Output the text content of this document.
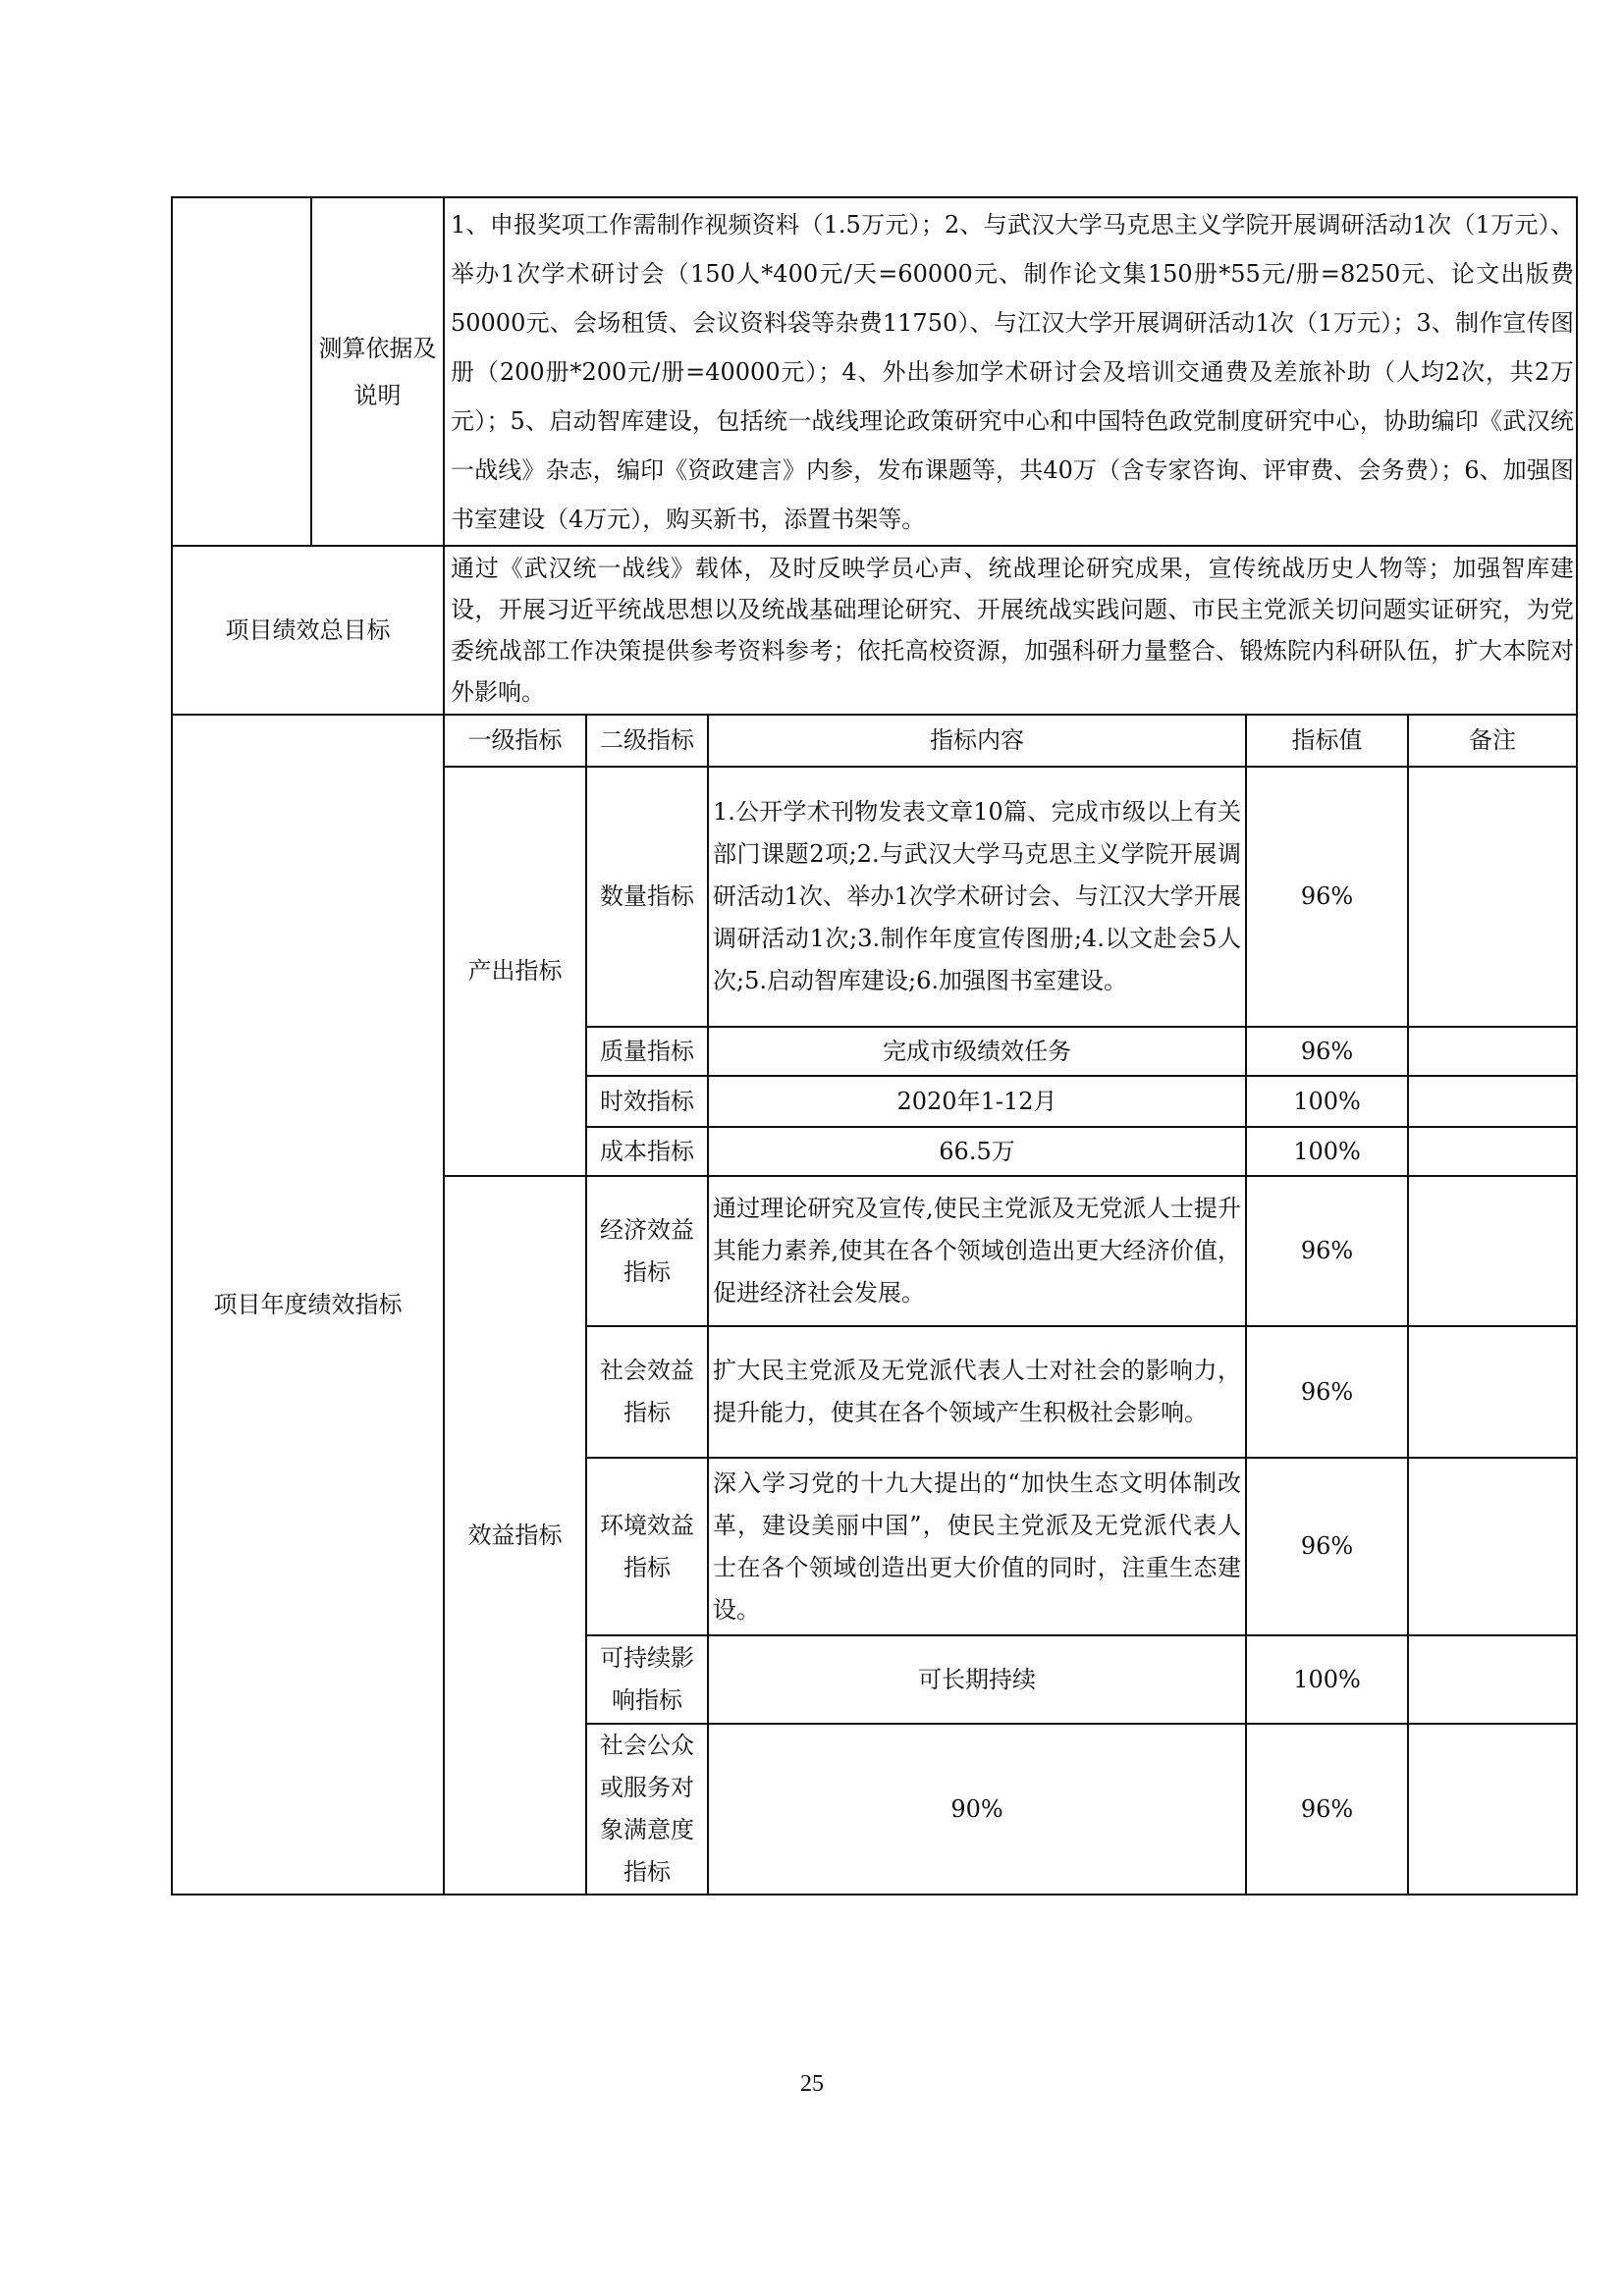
	测算依据及说明	1、申报奖项工作需制作视频资料（1.5万元）；2、与武汉大学马克思主义学院开展调研活动1次（1万元）、举办1次学术研讨会（150人*400元/天=60000元、制作论文集150册*55元/册=8250元、论文出版费50000元、会场租赁、会议资料袋等杂费11750）、与江汉大学开展调研活动1次（1万元）；3、制作宣传图册（200册*200元/册=40000元）；4、外出参加学术研讨会及培训交通费及差旅补助（人均2次，共2万元）；5、启动智库建设，包括统一战线理论政策研究中心和中国特色政党制度研究中心，协助编印《武汉统一战线》杂志，编印《资政建言》内参，发布课题等，共40万（含专家咨询、评审费、会务费）；6、加强图书室建设（4万元），购买新书，添置书架等。				
项目绩效总目标		通过《武汉统一战线》载体，及时反映学员心声、统战理论研究成果，宣传统战历史人物等；加强智库建设，开展习近平统战思想以及统战基础理论研究、开展统战实践问题、市民主党派关切问题实证研究，为党委统战部工作决策提供参考资料参考；依托高校资源，加强科研力量整合、锻炼院内科研队伍，扩大本院对外影响。				
项目年度绩效指标		一级指标	二级指标	指标内容	指标值	备注
		产出指标	数量指标	1.公开学术刊物发表文章10篇、完成市级以上有关部门课题2项;2.与武汉大学马克思主义学院开展调研活动1次、举办1次学术研讨会、与江汉大学开展调研活动1次;3.制作年度宣传图册;4.以文赴会5人次;5.启动智库建设;6.加强图书室建设。	96%	
			质量指标	完成市级绩效任务	96%	
			时效指标	2020年1-12月	100%	
			成本指标	66.5万	100%	
		效益指标	经济效益指标	通过理论研究及宣传,使民主党派及无党派人士提升其能力素养,使其在各个领域创造出更大经济价值，促进经济社会发展。	96%	
			社会效益指标	扩大民主党派及无党派代表人士对社会的影响力，提升能力，使其在各个领域产生积极社会影响。	96%	
			环境效益指标	深入学习党的十九大提出的“加快生态文明体制改革，建设美丽中国”，使民主党派及无党派代表人士在各个领域创造出更大价值的同时，注重生态建设。	96%	
			可持续影响指标	可长期持续	100%	
			社会公众或服务对象满意度指标	90%	96%	
25
